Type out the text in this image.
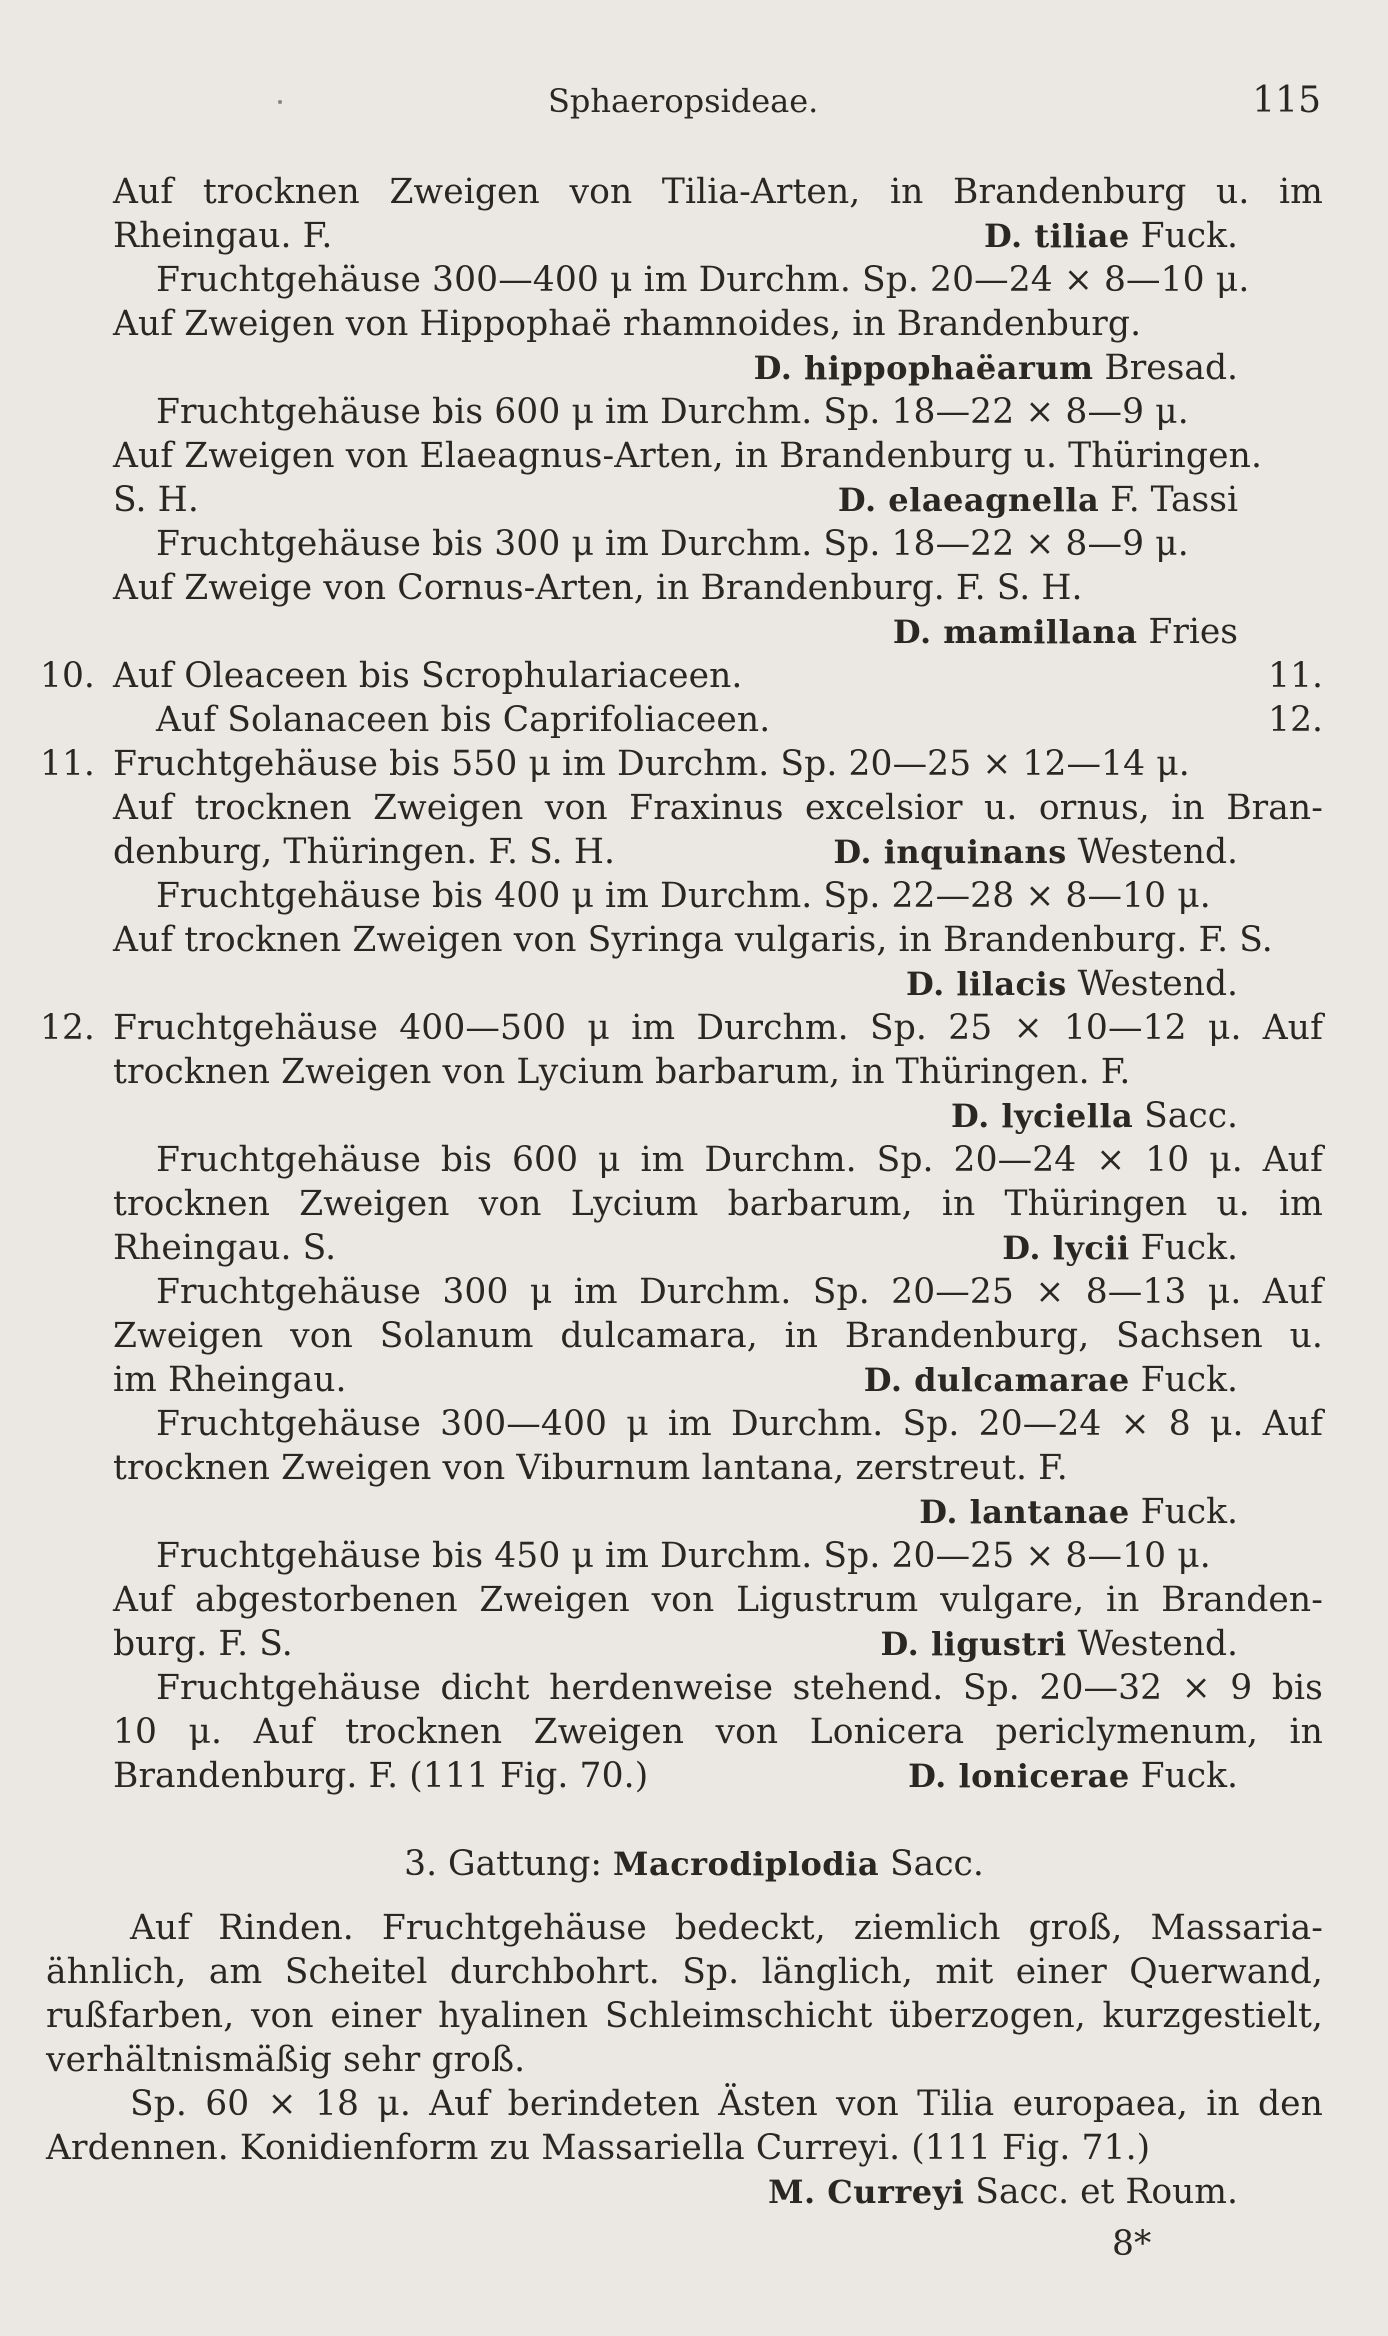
Sphaeropsideae.	115
Auf trocknen Zweigen von Tilia-Arten, in Brandenburg u. im
Rheingau. F.	D. tiliae Fuck.
Fruchtgehäuse 300—400 μ im Durchm. Sp. 20—24 × 8—10 μ.
Auf Zweigen von Hippophaë rhamnoides, in Brandenburg.
D. hippophaëarum Bresad.
Fruchtgehäuse bis 600 μ im Durchm. Sp. 18—22 × 8—9 μ.
Auf Zweigen von Elaeagnus-Arten, in Brandenburg u. Thüringen.
S. H.	D. elaeagnella F. Tassi
Fruchtgehäuse bis 300 μ im Durchm. Sp. 18—22 × 8—9 μ.
Auf Zweige von Cornus-Arten, in Brandenburg. F. S. H.
D. mamillana Fries
10. Auf Oleaceen bis Scrophulariaceen.	11.
Auf Solanaceen bis Caprifoliaceen.	12.
11. Fruchtgehäuse bis 550 μ im Durchm. Sp. 20—25 × 12—14 μ.
Auf trocknen Zweigen von Fraxinus excelsior u. ornus, in Bran-
denburg, Thüringen. F. S. H.	D. inquinans Westend.
Fruchtgehäuse bis 400 μ im Durchm. Sp. 22—28 × 8—10 μ.
Auf trocknen Zweigen von Syringa vulgaris, in Brandenburg. F. S.
D. lilacis Westend.
12. Fruchtgehäuse 400—500 μ im Durchm. Sp. 25 × 10—12 μ. Auf
trocknen Zweigen von Lycium barbarum, in Thüringen. F.
D. lyciella Sacc.
Fruchtgehäuse bis 600 μ im Durchm. Sp. 20—24 × 10 μ. Auf
trocknen Zweigen von Lycium barbarum, in Thüringen u. im
Rheingau. S.	D. lycii Fuck.
Fruchtgehäuse 300 μ im Durchm. Sp. 20—25 × 8—13 μ. Auf
Zweigen von Solanum dulcamara, in Brandenburg, Sachsen u.
im Rheingau.	D. dulcamarae Fuck.
Fruchtgehäuse 300—400 μ im Durchm. Sp. 20—24 × 8 μ. Auf
trocknen Zweigen von Viburnum lantana, zerstreut. F.
D. lantanae Fuck.
Fruchtgehäuse bis 450 μ im Durchm. Sp. 20—25 × 8—10 μ.
Auf abgestorbenen Zweigen von Ligustrum vulgare, in Branden-
burg. F. S.	D. ligustri Westend.
Fruchtgehäuse dicht herdenweise stehend. Sp. 20—32 × 9 bis
10 μ. Auf trocknen Zweigen von Lonicera periclymenum, in
Brandenburg. F. (111 Fig. 70.)	D. lonicerae Fuck.
3. Gattung: Macrodiplodia Sacc.
Auf Rinden. Fruchtgehäuse bedeckt, ziemlich groß, Massaria-
ähnlich, am Scheitel durchbohrt. Sp. länglich, mit einer Querwand,
rußfarben, von einer hyalinen Schleimschicht überzogen, kurzgestielt,
verhältnismäßig sehr groß.
Sp. 60 × 18 μ. Auf berindeten Ästen von Tilia europaea, in den
Ardennen. Konidienform zu Massariella Curreyi. (111 Fig. 71.)
M. Curreyi Sacc. et Roum.
8*
